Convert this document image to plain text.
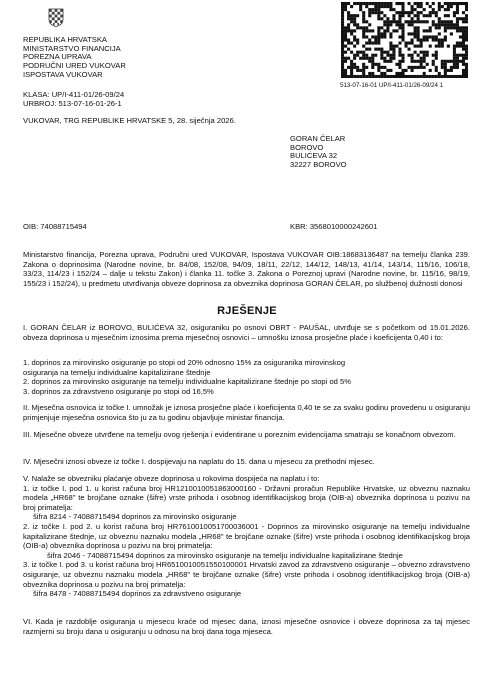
REPUBLIKA HRVATSKA
MINISTARSTVO FINANCIJA
POREZNA UPRAVA
PODRUČNI URED VUKOVAR
ISPOSTAVA VUKOVAR
KLASA: UP/I-411-01/26-09/24
URBROJ: 513-07-16-01-26-1
VUKOVAR, TRG REPUBLIKE HRVATSKE 5, 28. siječnja 2026.
513-07-16-01 UP/I-411-01/26-09/24 1
GORAN ČELAR
BOROVO
BULIĆEVA 32
32227 BOROVO
OIB: 74088715494	KBR: 3568010000242601
Ministarstvo financija, Porezna uprava, Područni ured VUKOVAR, Ispostava VUKOVAR OIB:18683136487 na temelju članka 239. Zakona o doprinosima (Narodne novine, br. 84/08, 152/08, 94/09, 18/11, 22/12, 144/12, 148/13, 41/14, 143/14, 115/16, 106/18, 33/23, 114/23 i 152/24 – dalje u tekstu Zakon) i članka 11. točke 3. Zakona o Poreznoj upravi (Narodne novine, br. 115/16, 98/19, 155/23 i 152/24), u predmetu utvrđivanja obveze doprinosa za obveznika doprinosa GORAN ČELAR, po službenoj dužnosti donosi
RJEŠENJE
I. GORAN ČELAR iz BOROVO, BULIĆEVA 32, osiguraniku po osnovi OBRT - PAUŠAL, utvrđuje se s početkom od 15.01.2026. obveza doprinosa u mjesečnim iznosima prema mjesečnoj osnovici – umnošku iznosa prosječne plaće i koeficijenta 0,40 i to:
1. doprinos za mirovinsko osiguranje po stopi od 20% odnosno 15% za osiguranika mirovinskog
osiguranja na temelju individualne kapitalizirane štednje
2. doprinos za mirovinsko osiguranje na temelju individualne kapitalizirane štednje po stopi od 5%
3. doprinos za zdravstveno osiguranje po stopi od 16,5%
II. Mjesečna osnovica iz točke I. umnožak je iznosa prosječne plaće i koeficijenta 0,40 te se za svaku godinu provedenu u osiguranju primjenjuje mjesečna osnovica što ju za tu godinu objavljuje ministar financija.
III. Mjesečne obveze utvrđene na temelju ovog rješenja i evidentirane u poreznim evidencijama smatraju se konačnom obvezom.
IV. Mjesečni iznosi obveze iz točke I. dospijevaju na naplatu do 15. dana u mjesecu za prethodni mjesec.
V. Nalaže se obvezniku plaćanje obveze doprinosa u rokovima dospijeća na naplatu i to:
1. iz točke I. pod 1. u korist računa broj HR1210010051863000160 - Državni proračun Republike Hrvatske, uz obveznu naznaku modela „HR68" te brojčane oznake (šifre) vrste prihoda i osobnog identifikacijskog broja (OIB-a) obveznika doprinosa u pozivu na broj primatelja:
šifra 8214 - 74088715494 doprinos za mirovinsko osiguranje
2. iz točke I. pod 2. u korist računa broj HR7610010051700036001 - Doprinos za mirovinsko osiguranje na temelju individualne kapitalizirane štednje, uz obveznu naznaku modela „HR68" te brojčane oznake (šifre) vrste prihoda i osobnog identifikacijskog broja (OIB-a) obveznika doprinosa u pozivu na broj primatelja:
šifra 2046 - 74088715494 doprinos za mirovinsko osiguranje na temelju individualne kapitalizirane štednje
3. iz točke I. pod 3. u korist računa broj HR6510010051550100001 Hrvatski zavod za zdravstveno osiguranje – obvezno zdravstveno osiguranje, uz obveznu naznaku modela „HR68" te brojčane oznake (šifre) vrste prihoda i osobnog identifikacijskog broja (OIB-a) obveznika doprinosa u pozivu na broj primatelja:
šifra 8478 - 74088715494 doprinos za zdravstveno osiguranje
VI. Kada je razdoblje osiguranja u mjesecu kraće od mjesec dana, iznosi mjesečne osnovice i obveze doprinosa za taj mjesec razmjerni su broju dana u osiguranju u odnosu na broj dana toga mjeseca.
